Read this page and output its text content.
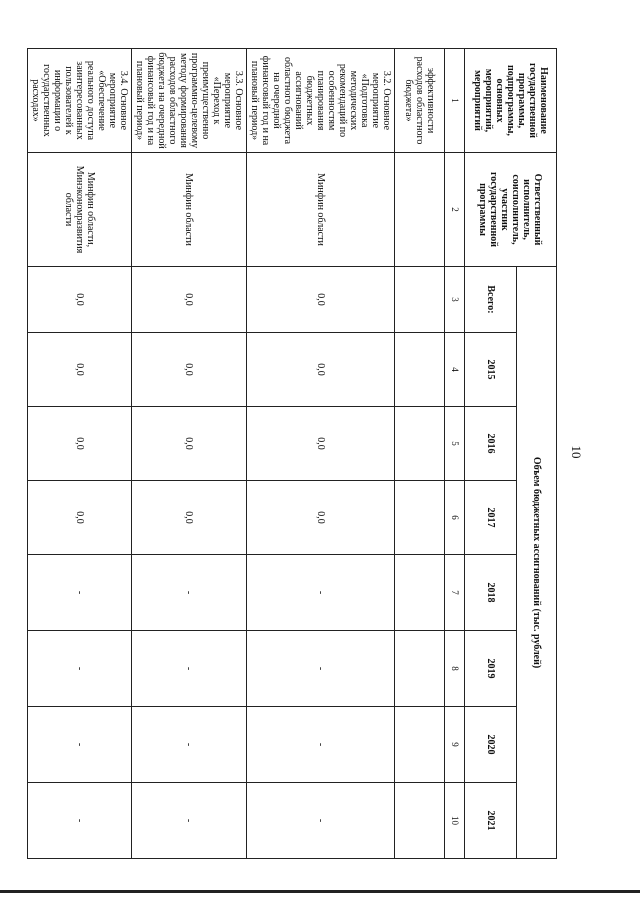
10
Наименование государственной программы, подпрограммы, основных мероприятий, мероприятий	Ответственный исполнитель, соисполнитель, участник государственной программы	Объем бюджетных ассигнований (тыс. рублей)							
		Всего:	2015	2016	2017	2018	2019	2020	2021
1	2	3	4	5	6	7	8	9	10
эффективности расходов областного бюджета»									
3.2. Основное мероприятие «Подготовка методических рекомендаций по особенностям планирования бюджетных ассигнований областного бюджета на очередной финансовый год и на плановый период»	Минфин области	0,0	0,0	0,0	0,0	-	-	-	-
3.3. Основное мероприятие «Переход к преимущественно программно-целевому методу формирования расходов областного бюджета на очередной финансовый год и на плановый период»	Минфин области	0,0	0,0	0,0	0,0	-	-	-	-
3.4. Основное мероприятие «Обеспечение реального доступа заинтересованных пользователей к информации о государственных расходах»	Минфин области, Минэкономразвития области	0,0	0,0	0,0	0,0	-	-	-	-
